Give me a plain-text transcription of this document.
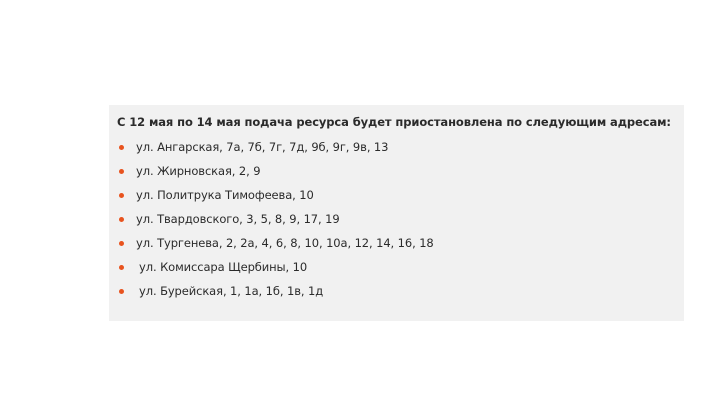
С 12 мая по 14 мая подача ресурса будет приостановлена по следующим адресам:
ул. Ангарская, 7а, 7б, 7г, 7д, 9б, 9г, 9в, 13
ул. Жирновская, 2, 9
ул. Политрука Тимофеева, 10
ул. Твардовского, 3, 5, 8, 9, 17, 19
ул. Тургенева, 2, 2а, 4, 6, 8, 10, 10а, 12, 14, 16, 18
ул. Комиссара Щербины, 10
ул. Бурейская, 1, 1а, 1б, 1в, 1д
